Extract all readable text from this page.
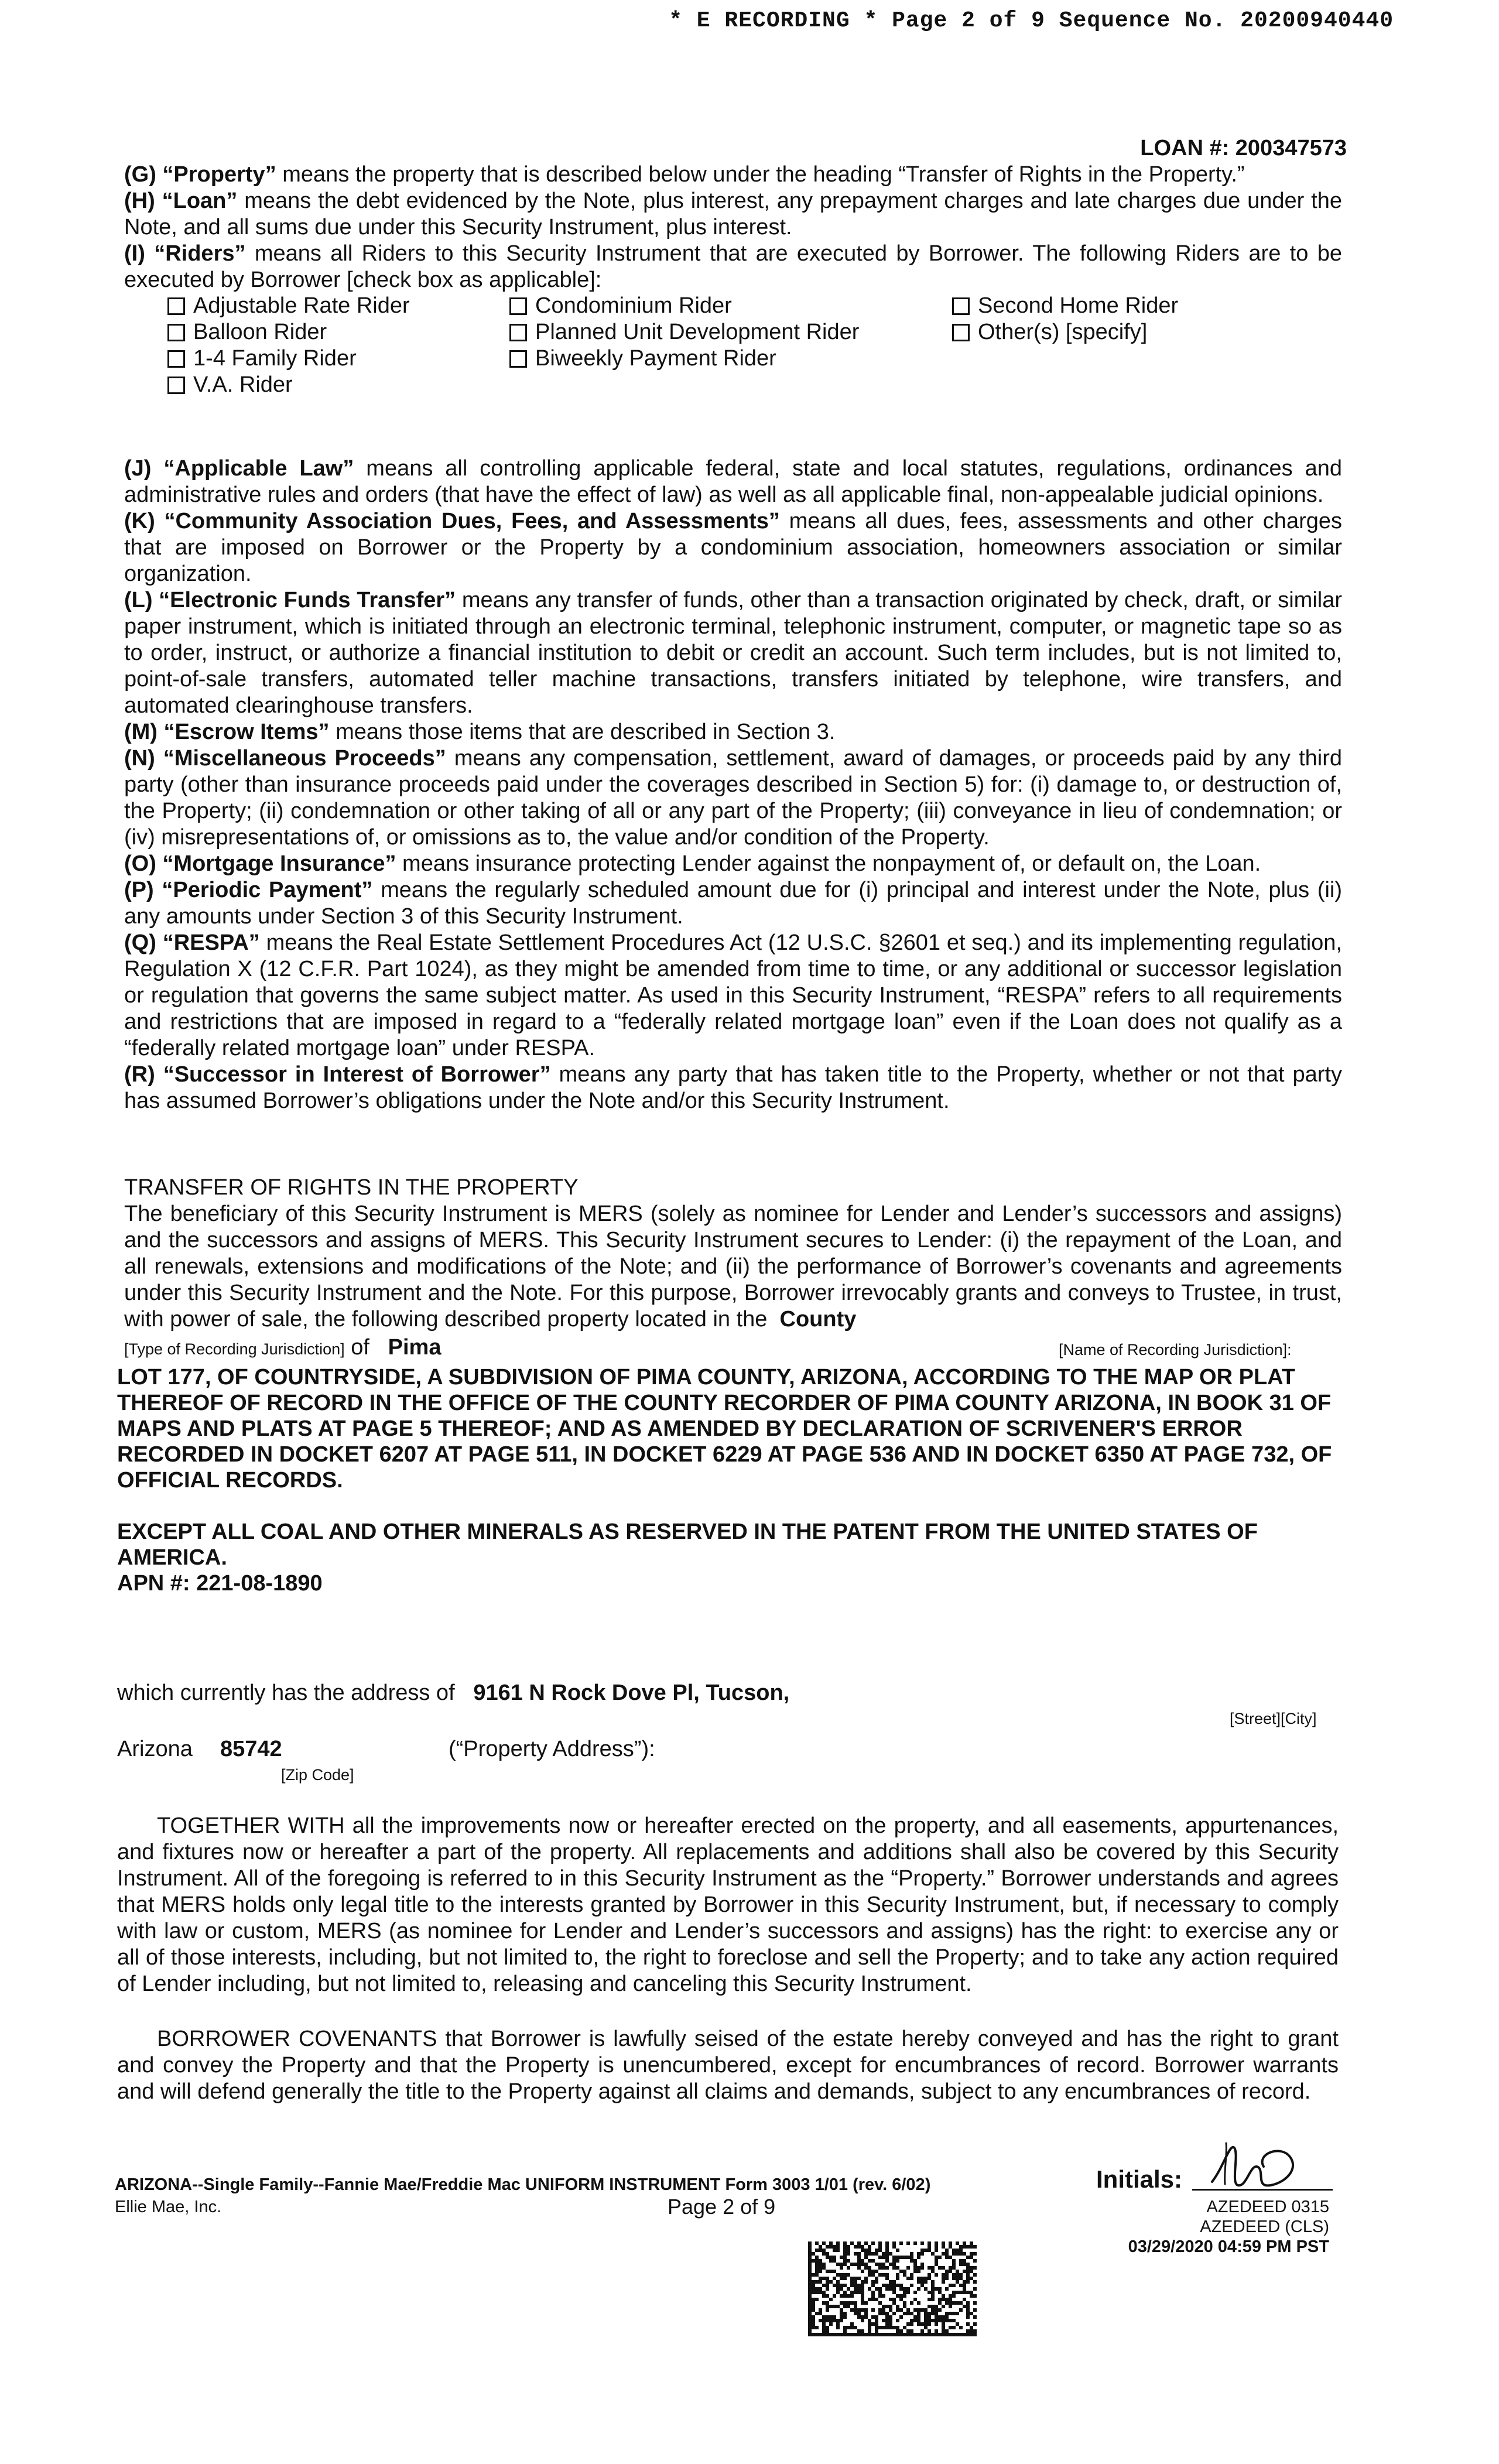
* E RECORDING * Page 2 of 9 Sequence No. 20200940440
LOAN #: 200347573

(G) “Property” means the property that is described below under the heading “Transfer of Rights in the Property.”

(H) “Loan” means the debt evidenced by the Note, plus interest, any prepayment charges and late charges due under the Note, and all sums due under this Security Instrument, plus interest.

(I) “Riders” means all Riders to this Security Instrument that are executed by Borrower. The following Riders are to be executed by Borrower [check box as applicable]:

Adjustable Rate Rider	Condominium Rider	Second Home Rider
Balloon Rider	Planned Unit Development Rider	Other(s) [specify]
1-4 Family Rider	Biweekly Payment Rider
V.A. Rider

(J) “Applicable Law” means all controlling applicable federal, state and local statutes, regulations, ordinances and administrative rules and orders (that have the effect of law) as well as all applicable final, non-appealable judicial opinions.

(K) “Community Association Dues, Fees, and Assessments” means all dues, fees, assessments and other charges that are imposed on Borrower or the Property by a condominium association, homeowners association or similar organization.

(L) “Electronic Funds Transfer” means any transfer of funds, other than a transaction originated by check, draft, or similar paper instrument, which is initiated through an electronic terminal, telephonic instrument, computer, or magnetic tape so as to order, instruct, or authorize a financial institution to debit or credit an account. Such term includes, but is not limited to, point-of-sale transfers, automated teller machine transactions, transfers initiated by telephone, wire transfers, and automated clearinghouse transfers.

(M) “Escrow Items” means those items that are described in Section 3.

(N) “Miscellaneous Proceeds” means any compensation, settlement, award of damages, or proceeds paid by any third party (other than insurance proceeds paid under the coverages described in Section 5) for: (i) damage to, or destruction of, the Property; (ii) condemnation or other taking of all or any part of the Property; (iii) conveyance in lieu of condemnation; or (iv) misrepresentations of, or omissions as to, the value and/or condition of the Property.

(O) “Mortgage Insurance” means insurance protecting Lender against the nonpayment of, or default on, the Loan.

(P) “Periodic Payment” means the regularly scheduled amount due for (i) principal and interest under the Note, plus (ii) any amounts under Section 3 of this Security Instrument.

(Q) “RESPA” means the Real Estate Settlement Procedures Act (12 U.S.C. §2601 et seq.) and its implementing regulation, Regulation X (12 C.F.R. Part 1024), as they might be amended from time to time, or any additional or successor legislation or regulation that governs the same subject matter. As used in this Security Instrument, “RESPA” refers to all requirements and restrictions that are imposed in regard to a “federally related mortgage loan” even if the Loan does not qualify as a “federally related mortgage loan” under RESPA.

(R) “Successor in Interest of Borrower” means any party that has taken title to the Property, whether or not that party has assumed Borrower’s obligations under the Note and/or this Security Instrument.

TRANSFER OF RIGHTS IN THE PROPERTY

The beneficiary of this Security Instrument is MERS (solely as nominee for Lender and Lender’s successors and assigns) and the successors and assigns of MERS. This Security Instrument secures to Lender: (i) the repayment of the Loan, and all renewals, extensions and modifications of the Note; and (ii) the performance of Borrower’s covenants and agreements under this Security Instrument and the Note. For this purpose, Borrower irrevocably grants and conveys to Trustee, in trust, with power of sale, the following described property located in the County

[Type of Recording Jurisdiction] of Pima	[Name of Recording Jurisdiction]:

LOT 177, OF COUNTRYSIDE, A SUBDIVISION OF PIMA COUNTY, ARIZONA, ACCORDING TO THE MAP OR PLAT THEREOF OF RECORD IN THE OFFICE OF THE COUNTY RECORDER OF PIMA COUNTY ARIZONA, IN BOOK 31 OF MAPS AND PLATS AT PAGE 5 THEREOF; AND AS AMENDED BY DECLARATION OF SCRIVENER'S ERROR RECORDED IN DOCKET 6207 AT PAGE 511, IN DOCKET 6229 AT PAGE 536 AND IN DOCKET 6350 AT PAGE 732, OF OFFICIAL RECORDS.

EXCEPT ALL COAL AND OTHER MINERALS AS RESERVED IN THE PATENT FROM THE UNITED STATES OF AMERICA.

APN #: 221-08-1890

which currently has the address of 9161 N Rock Dove Pl, Tucson,
[Street][City]
Arizona 85742	(“Property Address”):
[Zip Code]
TOGETHER WITH all the improvements now or hereafter erected on the property, and all easements, appurtenances, and fixtures now or hereafter a part of the property. All replacements and additions shall also be covered by this Security Instrument. All of the foregoing is referred to in this Security Instrument as the “Property.” Borrower understands and agrees that MERS holds only legal title to the interests granted by Borrower in this Security Instrument, but, if necessary to comply with law or custom, MERS (as nominee for Lender and Lender’s successors and assigns) has the right: to exercise any or all of those interests, including, but not limited to, the right to foreclose and sell the Property; and to take any action required of Lender including, but not limited to, releasing and canceling this Security Instrument.
BORROWER COVENANTS that Borrower is lawfully seised of the estate hereby conveyed and has the right to grant and convey the Property and that the Property is unencumbered, except for encumbrances of record. Borrower warrants and will defend generally the title to the Property against all claims and demands, subject to any encumbrances of record.
ARIZONA--Single Family--Fannie Mae/Freddie Mac UNIFORM INSTRUMENT Form 3003 1/01 (rev. 6/02)
Ellie Mae, Inc.	Page 2 of 9
Initials:
AZEDEED 0315
AZEDEED (CLS)
03/29/2020 04:59 PM PST
